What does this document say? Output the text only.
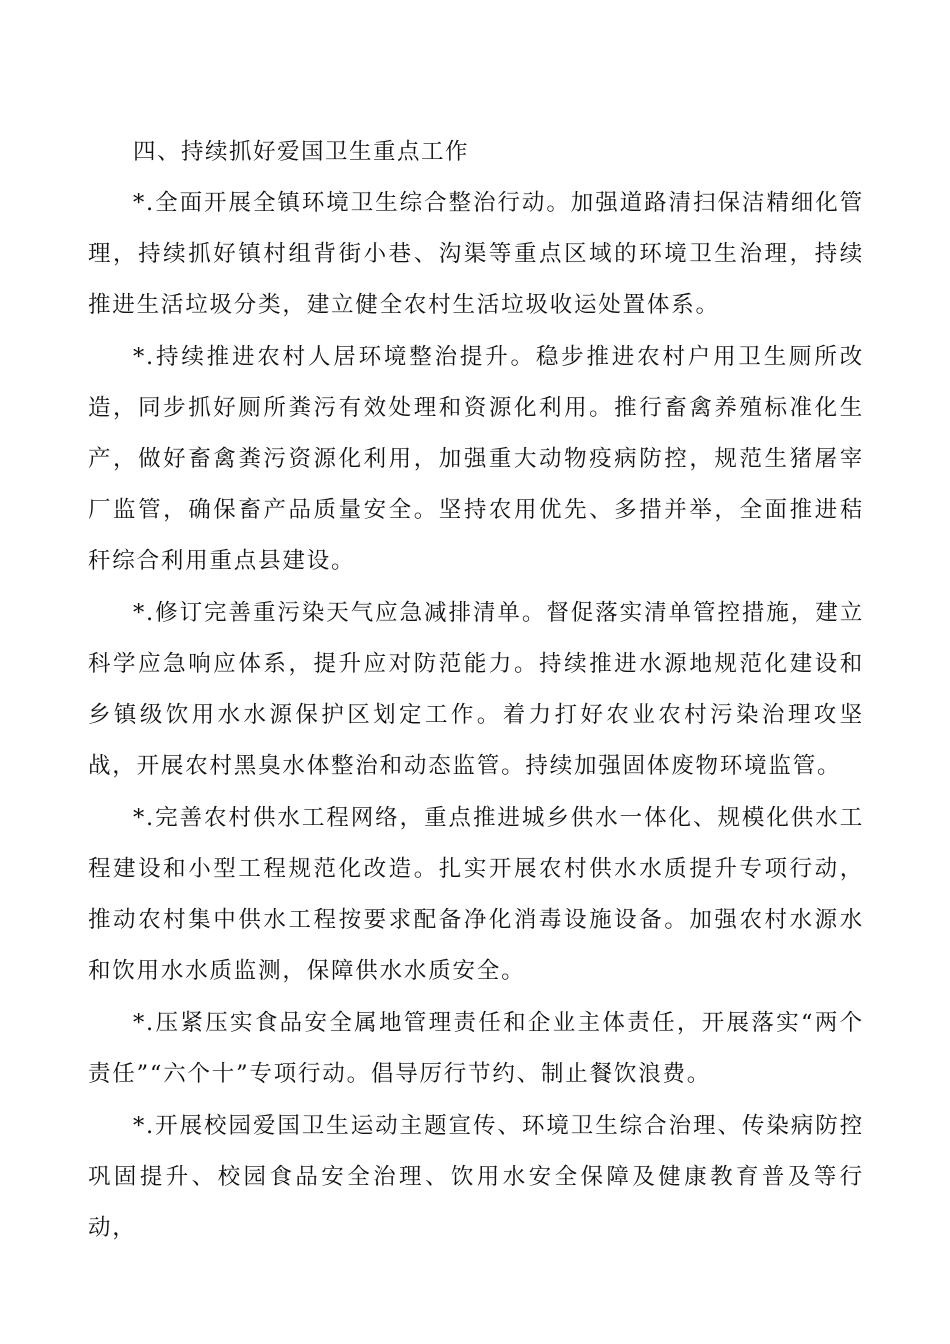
四、持续抓好爱国卫生重点工作

*.全面开展全镇环境卫生综合整治行动。加强道路清扫保洁精细化管理，持续抓好镇村组背街小巷、沟渠等重点区域的环境卫生治理，持续推进生活垃圾分类，建立健全农村生活垃圾收运处置体系。

*.持续推进农村人居环境整治提升。稳步推进农村户用卫生厕所改造，同步抓好厕所粪污有效处理和资源化利用。推行畜禽养殖标准化生产，做好畜禽粪污资源化利用，加强重大动物疫病防控，规范生猪屠宰厂监管，确保畜产品质量安全。坚持农用优先、多措并举，全面推进秸秆综合利用重点县建设。

*.修订完善重污染天气应急减排清单。督促落实清单管控措施，建立科学应急响应体系，提升应对防范能力。持续推进水源地规范化建设和乡镇级饮用水水源保护区划定工作。着力打好农业农村污染治理攻坚战，开展农村黑臭水体整治和动态监管。持续加强固体废物环境监管。

*.完善农村供水工程网络，重点推进城乡供水一体化、规模化供水工程建设和小型工程规范化改造。扎实开展农村供水水质提升专项行动，推动农村集中供水工程按要求配备净化消毒设施设备。加强农村水源水和饮用水水质监测，保障供水水质安全。

*.压紧压实食品安全属地管理责任和企业主体责任，开展落实“两个责任”“六个十”专项行动。倡导厉行节约、制止餐饮浪费。

*.开展校园爱国卫生运动主题宣传、环境卫生综合治理、传染病防控巩固提升、校园食品安全治理、饮用水安全保障及健康教育普及等行动，
